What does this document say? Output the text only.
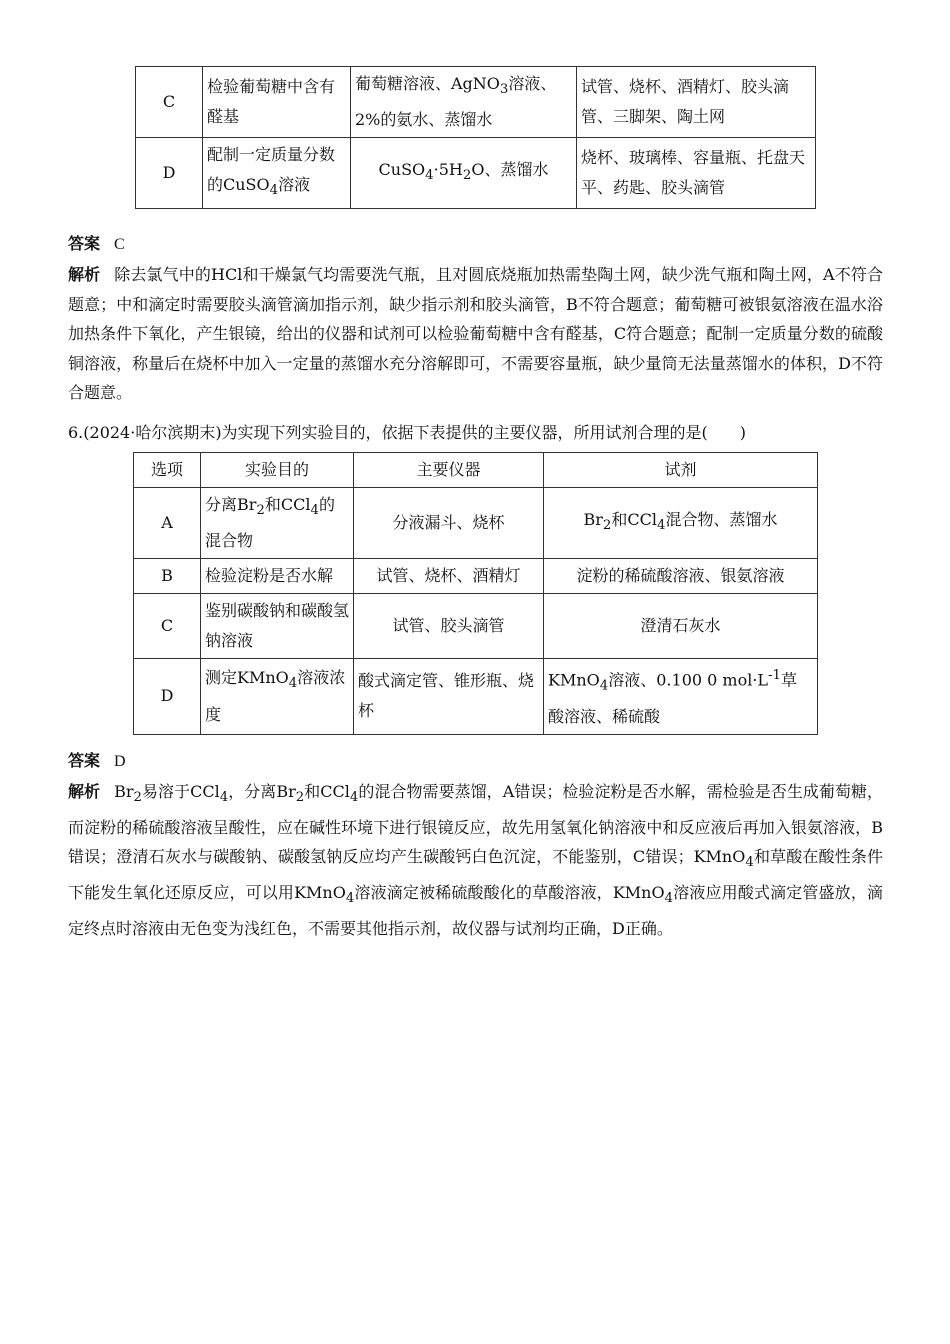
C	检验葡萄糖中含有醛基	葡萄糖溶液、AgNO$_3$溶液、2%的氨水、蒸馏水	试管、烧杯、酒精灯、胶头滴管、三脚架、陶土网
D	配制一定质量分数的CuSO$_4$溶液	$CuSO_4\cdot 5H_2O$、蒸馏水	烧杯、玻璃棒、容量瓶、托盘天平、药匙、胶头滴管
答案 C
解析 除去氯气中的HCl和干燥氯气均需要洗气瓶，且对圆底烧瓶加热需垫陶土网，缺少洗气瓶和陶土网，A不符合题意；中和滴定时需要胶头滴管滴加指示剂，缺少指示剂和胶头滴管，B不符合题意；葡萄糖可被银氨溶液在温水浴加热条件下氧化，产生银镜，给出的仪器和试剂可以检验葡萄糖中含有醛基，C符合题意；配制一定质量分数的硫酸铜溶液，称量后在烧杯中加入一定量的蒸馏水充分溶解即可，不需要容量瓶，缺少量筒无法量蒸馏水的体积，D不符合题意。
6.(2024·哈尔滨期末)为实现下列实验目的，依据下表提供的主要仪器，所用试剂合理的是(　　)
选项	实验目的	主要仪器	试剂
A	分离$Br_2$和CCl$_4$的混合物	分液漏斗、烧杯	$Br_2$和CCl$_4$混合物、蒸馏水
B	检验淀粉是否水解	试管、烧杯、酒精灯	淀粉的稀硫酸溶液、银氨溶液
C	鉴别碳酸钠和碳酸氢钠溶液	试管、胶头滴管	澄清石灰水
D	测定KMnO$_4$溶液浓度	酸式滴定管、锥形瓶、烧杯	KMnO$_4$溶液、0.100 0 $mol\cdot L^{-1}$草酸溶液、稀硫酸
答案 D
解析 $Br_2$易溶于CCl$_4$，分离$Br_2$和CCl$_4$的混合物需要蒸馏，A错误；检验淀粉是否水解，需检验是否生成葡萄糖，而淀粉的稀硫酸溶液呈酸性，应在碱性环境下进行银镜反应，故先用氢氧化钠溶液中和反应液后再加入银氨溶液，B错误；澄清石灰水与碳酸钠、碳酸氢钠反应均产生碳酸钙白色沉淀，不能鉴别，C错误；KMnO$_4$和草酸在酸性条件下能发生氧化还原反应，可以用KMnO$_4$溶液滴定被稀硫酸酸化的草酸溶液，KMnO$_4$溶液应用酸式滴定管盛放，滴定终点时溶液由无色变为浅红色，不需要其他指示剂，故仪器与试剂均正确，D正确。
